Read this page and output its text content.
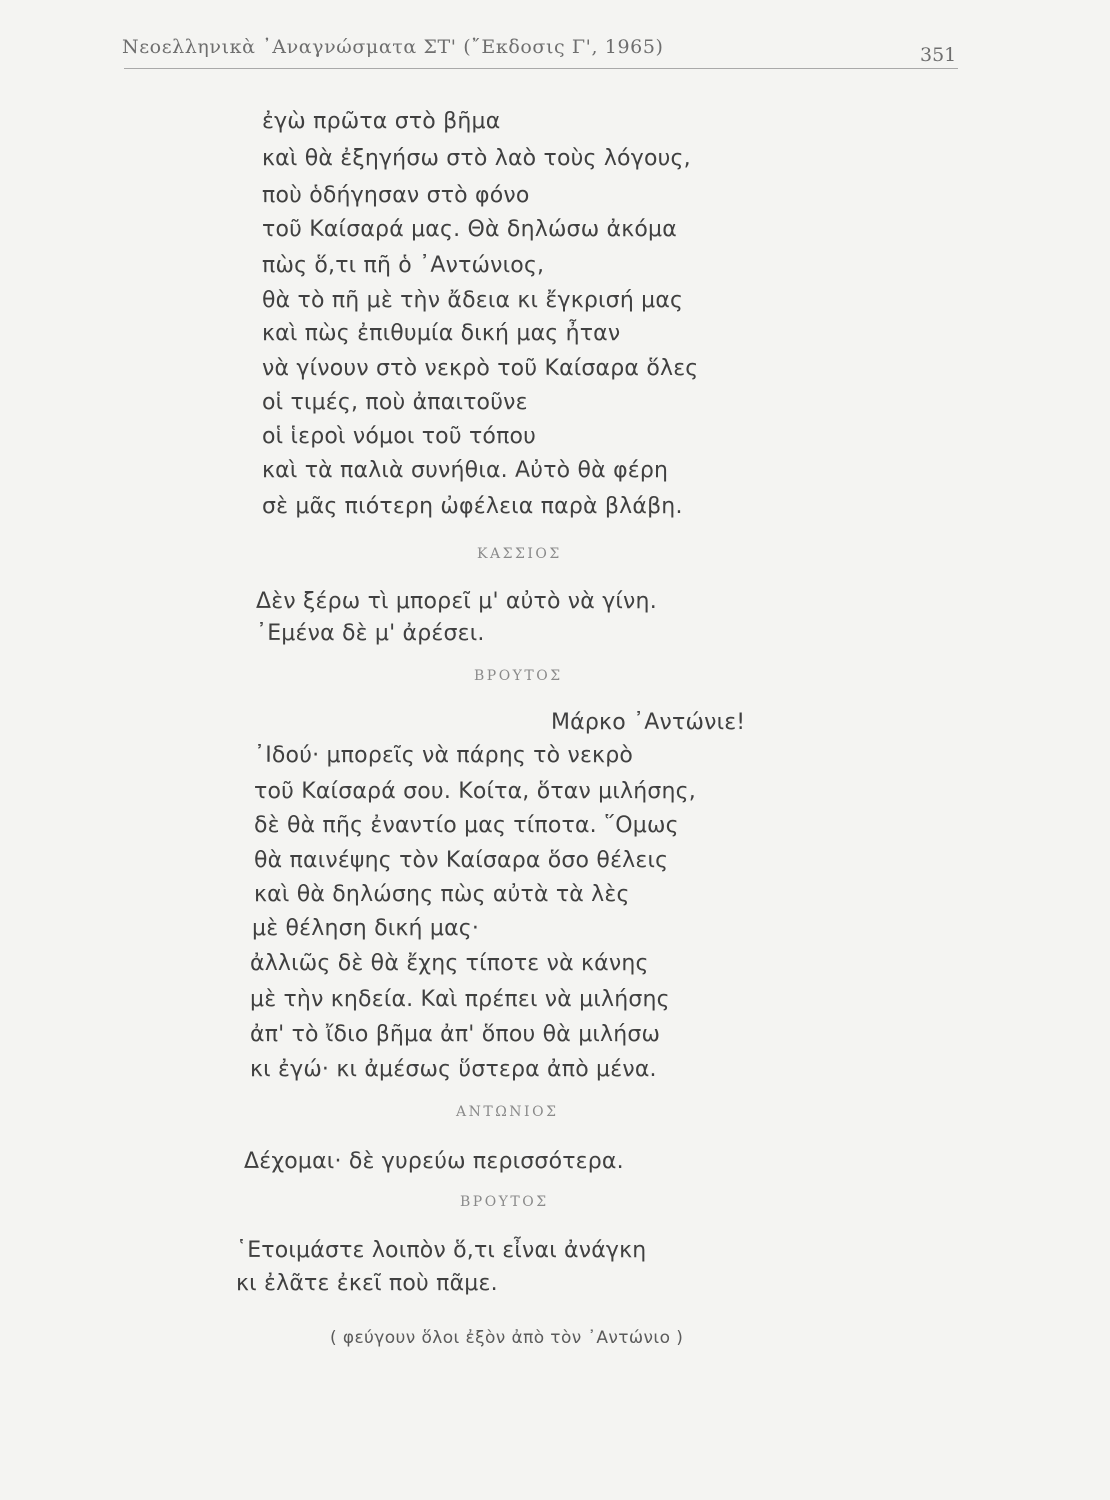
Νεοελληνικὰ ᾿Αναγνώσματα ΣΤ' (῎Εκδοσις Γ', 1965)	351
ἐγὼ πρῶτα στὸ βῆμα
καὶ θὰ ἐξηγήσω στὸ λαὸ τοὺς λόγους,
ποὺ ὁδήγησαν στὸ φόνο
τοῦ Καίσαρά μας. Θὰ δηλώσω ἀκόμα
πὼς ὅ,τι πῆ ὁ ᾿Αντώνιος,
θὰ τὸ πῆ μὲ τὴν ἄδεια κι ἔγκρισή μας
καὶ πὼς ἐπιθυμία δική μας ἦταν
νὰ γίνουν στὸ νεκρὸ τοῦ Καίσαρα ὅλες
οἱ τιμές, ποὺ ἀπαιτοῦνε
οἱ ἱεροὶ νόμοι τοῦ τόπου
καὶ τὰ παλιὰ συνήθια. Αὐτὸ θὰ φέρη
σὲ μᾶς πιότερη ὠφέλεια παρὰ βλάβη.
ΚΑΣΣΙΟΣ
Δὲν ξέρω τὶ μπορεῖ μ' αὐτὸ νὰ γίνη.
᾿Εμένα δὲ μ' ἀρέσει.
ΒΡΟΥΤΟΣ
Μάρκο ᾿Αντώνιε!
᾿Ιδού· μπορεῖς νὰ πάρης τὸ νεκρὸ
τοῦ Καίσαρά σου. Κοίτα, ὅταν μιλήσης,
δὲ θὰ πῆς ἐναντίο μας τίποτα. ῞Ομως
θὰ παινέψης τὸν Καίσαρα ὅσο θέλεις
καὶ θὰ δηλώσης πὼς αὐτὰ τὰ λὲς
μὲ θέληση δική μας·
ἀλλιῶς δὲ θὰ ἔχης τίποτε νὰ κάνης
μὲ τὴν κηδεία. Καὶ πρέπει νὰ μιλήσης
ἀπ' τὸ ἴδιο βῆμα ἀπ' ὅπου θὰ μιλήσω
κι ἐγώ· κι ἀμέσως ὕστερα ἀπὸ μένα.
ΑΝΤΩΝΙΟΣ
Δέχομαι· δὲ γυρεύω περισσότερα.
ΒΡΟΥΤΟΣ
῾Ετοιμάστε λοιπὸν ὅ,τι εἶναι ἀνάγκη
κι ἐλᾶτε ἐκεῖ ποὺ πᾶμε.
( φεύγουν ὅλοι ἐξὸν ἀπὸ τὸν ᾿Αντώνιο )
